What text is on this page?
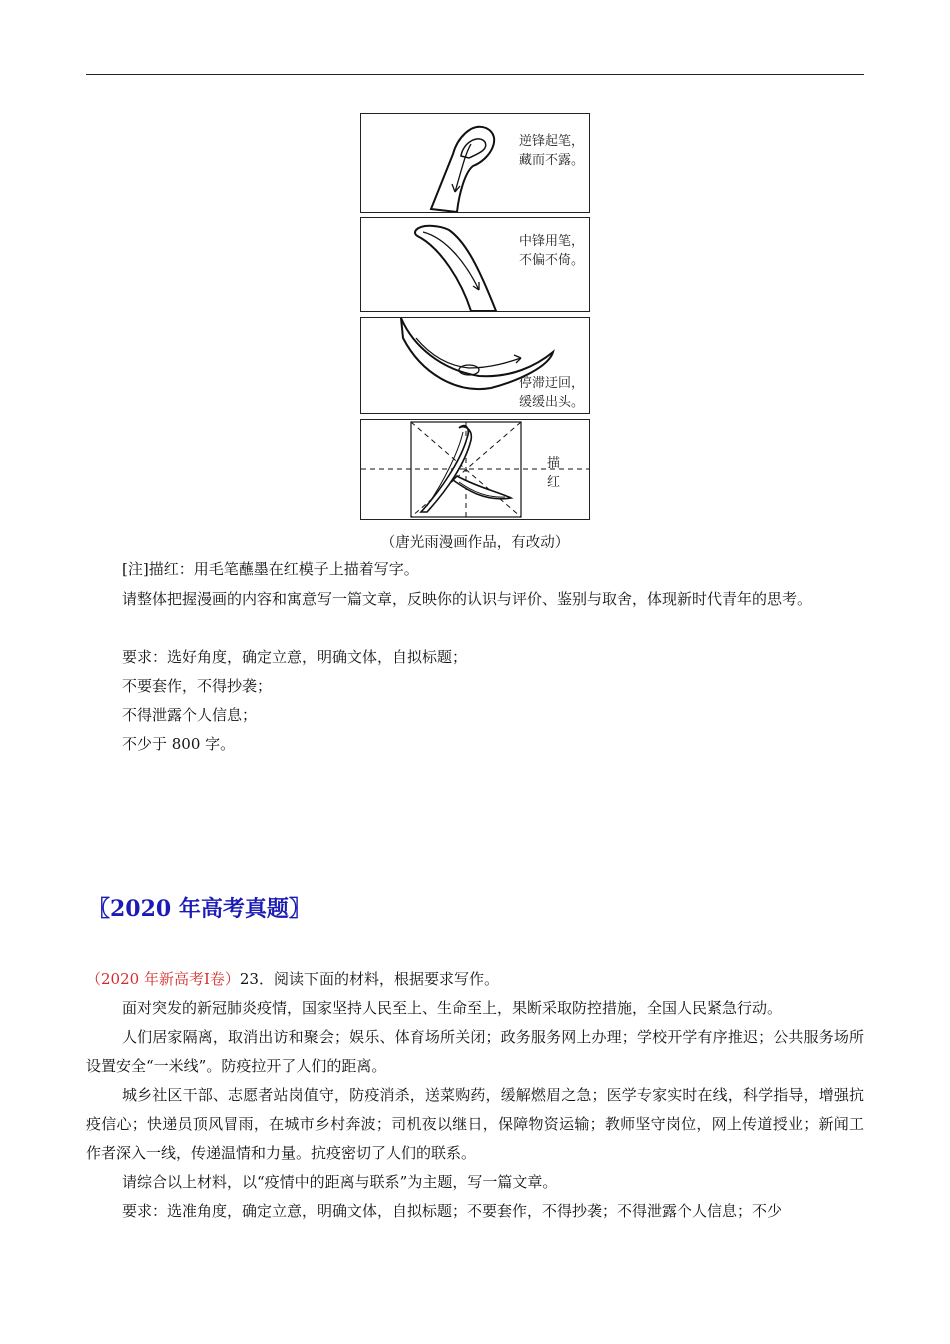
逆锋起笔，
藏而不露。
中锋用笔，
不偏不倚。
停滞迂回，
缓缓出头。
描
红
（唐光雨漫画作品，有改动）

[注]描红：用毛笔蘸墨在红模子上描着写字。

请整体把握漫画的内容和寓意写一篇文章，反映你的认识与评价、鉴别与取舍，体现新时代青年的思考。

要求：选好角度，确定立意，明确文体，自拟标题；

不要套作，不得抄袭；

不得泄露个人信息；

不少于 800 字。

〖2020 年高考真题〗

（2020 年新高考Ⅰ卷）23．阅读下面的材料，根据要求写作。

面对突发的新冠肺炎疫情，国家坚持人民至上、生命至上，果断采取防控措施，全国人民紧急行动。

人们居家隔离，取消出访和聚会；娱乐、体育场所关闭；政务服务网上办理；学校开学有序推迟；公共服务场所设置安全“一米线”。防疫拉开了人们的距离。

城乡社区干部、志愿者站岗值守，防疫消杀，送菜购药，缓解燃眉之急；医学专家实时在线，科学指导，增强抗疫信心；快递员顶风冒雨，在城市乡村奔波；司机夜以继日，保障物资运输；教师坚守岗位，网上传道授业；新闻工作者深入一线，传递温情和力量。抗疫密切了人们的联系。

请综合以上材料，以“疫情中的距离与联系”为主题，写一篇文章。

要求：选准角度，确定立意，明确文体，自拟标题；不要套作，不得抄袭；不得泄露个人信息；不少
